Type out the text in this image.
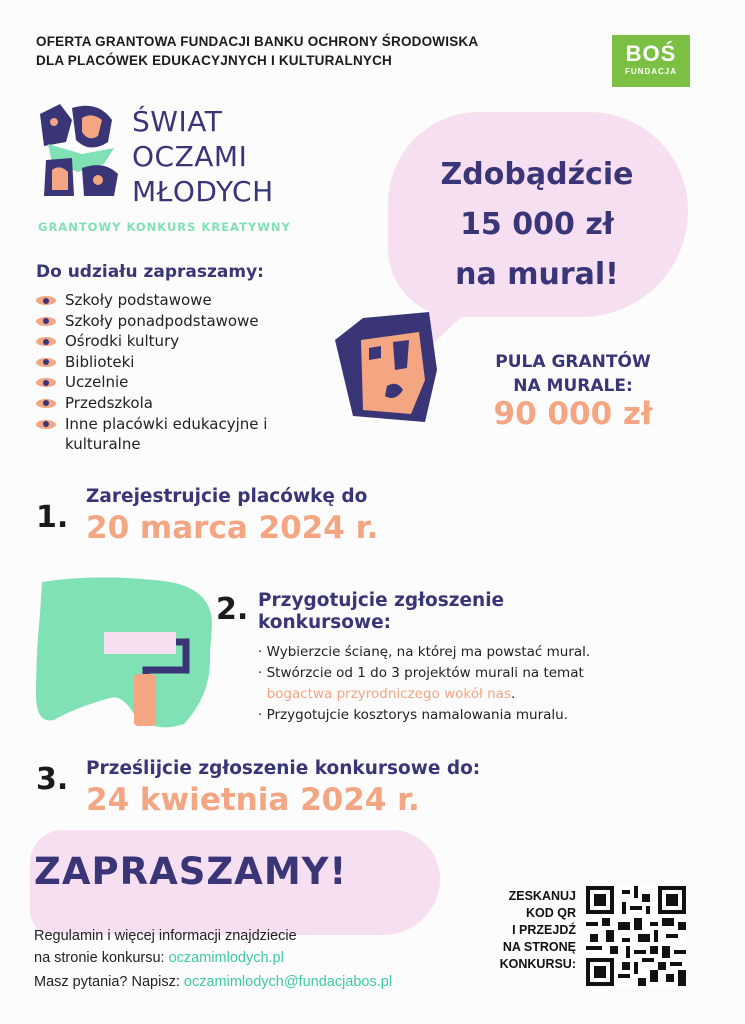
OFERTA GRANTOWA FUNDACJI BANKU OCHRONY ŚRODOWISKA
DLA PLACÓWEK EDUKACYJNYCH I KULTURALNYCH	BOŚ
FUNDACJA
ŚWIAT
OCZAMI
MŁODYCH
GRANTOWY KONKURS KREATYWNY
Zdobądźcie
15 000 zł
na mural!
Do udziału zapraszamy:
Szkoły podstawowe
Szkoły ponadpodstawowe
Ośrodki kultury
Biblioteki
Uczelnie
Przedszkola
Inne placówki edukacyjne i kulturalne
PULA GRANTÓW
NA MURALE:
90 000 zł
1.
Zarejestrujcie placówkę do
20 marca 2024 r.
2. Przygotujcie zgłoszenie
konkursowe:
· Wybierzcie ścianę, na której ma powstać mural.
· Stwórzcie od 1 do 3 projektów murali na temat
bogactwa przyrodniczego wokół nas.
· Przygotujcie kosztorys namalowania muralu.
3. Prześlijcie zgłoszenie konkursowe do:
24 kwietnia 2024 r.
ZAPRASZAMY!
Regulamin i więcej informacji znajdziecie
na stronie konkursu: oczamimlodych.pl
Masz pytania? Napisz: oczamimlodych@fundacjabos.pl
ZESKANUJ
KOD QR
I PRZEJDŹ
NA STRONĘ
KONKURSU:
